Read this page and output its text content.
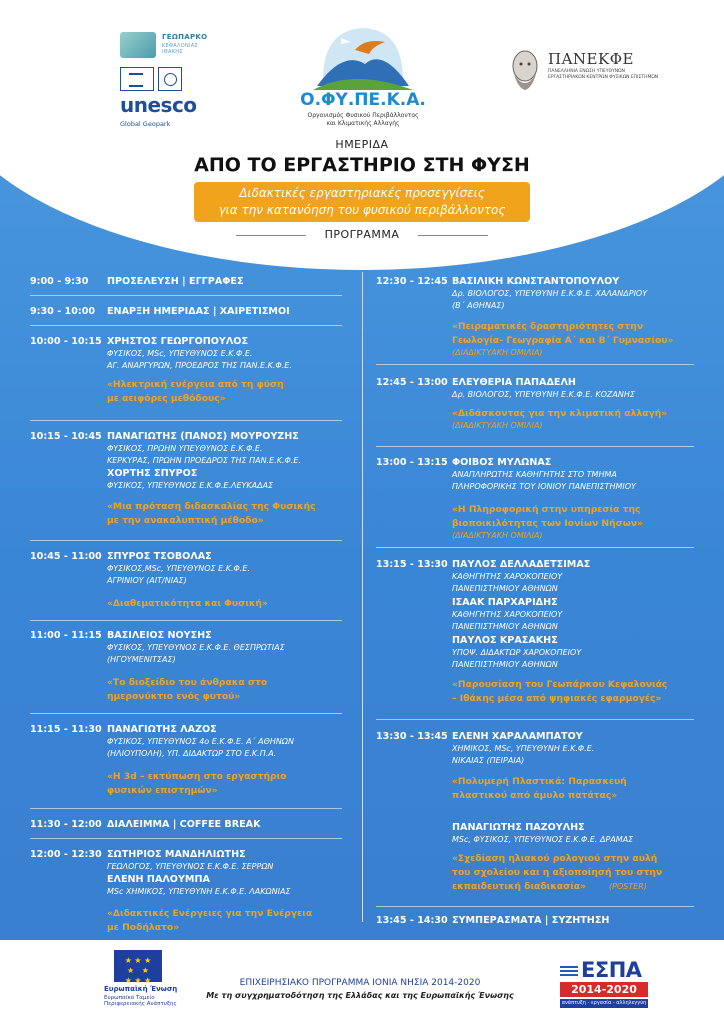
ΓΕΩΠΑΡΚΟ
ΚΕΦΑΛΟΝΙΑΣ ΙΘΑΚΗΣ
unesco
Global Geopark
Ο.ΦΥ.ΠΕ.Κ.Α.
Οργανισμός Φυσικού Περιβάλλοντος
και Κλιματικής Αλλαγής
ΠΑΝΕΚΦΕ
ΠΑΝΕΛΛΗΝΙΑ ΕΝΩΣΗ ΥΠΕΥΘΥΝΩΝ
ΕΡΓΑΣΤΗΡΙΑΚΩΝ ΚΕΝΤΡΩΝ ΦΥΣΙΚΩΝ ΕΠΙΣΤΗΜΩΝ
ΗΜΕΡΙΔΑ
ΑΠΟ ΤΟ ΕΡΓΑΣΤΗΡΙΟ ΣΤΗ ΦΥΣΗ
Διδακτικές εργαστηριακές προσεγγίσεις
για την κατανόηση του φυσικού περιβάλλοντος
ΠΡΟΓΡΑΜΜΑ
9:00 - 9:30 ΠΡΟΣΕΛΕΥΣΗ | ΕΓΓΡΑΦΕΣ
9:30 - 10:00 ΕΝΑΡΞΗ ΗΜΕΡΙΔΑΣ | ΧΑΙΡΕΤΙΣΜΟΙ
10:00 - 10:15 ΧΡΗΣΤΟΣ ΓΕΩΡΓΟΠΟΥΛΟΣ
ΦΥΣΙΚΟΣ, MSc, ΥΠΕΥΘΥΝΟΣ Ε.Κ.Φ.Ε.
ΑΓ. ΑΝΑΡΓΥΡΩΝ, ΠΡΟΕΔΡΟΣ ΤΗΣ ΠΑΝ.Ε.Κ.Φ.Ε.
«Ηλεκτρική ενέργεια από τη φύση
με αειφόρες μεθόδους»
10:15 - 10:45 ΠΑΝΑΓΙΩΤΗΣ (ΠΑΝΟΣ) ΜΟΥΡΟΥΖΗΣ
ΦΥΣΙΚΟΣ, ΠΡΩΗΝ ΥΠΕΥΘΥΝΟΣ Ε.Κ.Φ.Ε.
ΚΕΡΚΥΡΑΣ, ΠΡΩΗΝ ΠΡΟΕΔΡΟΣ ΤΗΣ ΠΑΝ.Ε.Κ.Φ.Ε.
ΧΟΡΤΗΣ ΣΠΥΡΟΣ
ΦΥΣΙΚΟΣ, ΥΠΕΥΘΥΝΟΣ Ε.Κ.Φ.Ε.ΛΕΥΚΑΔΑΣ
«Μια πρόταση διδασκαλίας της Φυσικής
με την ανακαλυπτική μέθοδο»
10:45 - 11:00 ΣΠΥΡΟΣ ΤΣΟΒΟΛΑΣ
ΦΥΣΙΚΟΣ,MSc, ΥΠΕΥΘΥΝΟΣ Ε.Κ.Φ.Ε.
ΑΓΡΙΝΙΟΥ (ΑΙΤ/ΝΙΑΣ)
«Διαθεματικότητα και Φυσική»
11:00 - 11:15 ΒΑΣΙΛΕΙΟΣ ΝΟΥΣΗΣ
ΦΥΣΙΚΟΣ, ΥΠΕΥΘΥΝΟΣ Ε.Κ.Φ.Ε. ΘΕΣΠΡΩΤΙΑΣ
(ΗΓΟΥΜΕΝΙΤΣΑΣ)
«Το διοξείδιο του άνθρακα στο
ημερονύκτιο ενός φυτού»
11:15 - 11:30 ΠΑΝΑΓΙΩΤΗΣ ΛΑΖΟΣ
ΦΥΣΙΚΟΣ, ΥΠΕΥΘΥΝΟΣ 4ο Ε.Κ.Φ.Ε. Α΄ ΑΘΗΝΩΝ
(ΗΛΙΟΥΠΟΛΗ), ΥΠ. ΔΙΔΑΚΤΩΡ ΣΤΟ Ε.Κ.Π.Α.
«Η 3d – εκτύπωση στο εργαστήριο
φυσικών επιστημών»
11:30 - 12:00 ΔΙΑΛΕΙΜΜΑ | COFFEE BREAK
12:00 - 12:30 ΣΩΤΗΡΙΟΣ ΜΑΝΔΗΛΙΩΤΗΣ
ΓΕΩΛΟΓΟΣ, ΥΠΕΥΘΥΝΟΣ Ε.Κ.Φ.Ε. ΣΕΡΡΩΝ
ΕΛΕΝΗ ΠΑΛΟΥΜΠΑ
MSc ΧΗΜΙΚΟΣ, ΥΠΕΥΘΥΝΗ Ε.Κ.Φ.Ε. ΛΑΚΩΝΙΑΣ
«Διδακτικές Ενέργειες για την Ενέργεια
με Ποδήλατο»
12:30 - 12:45 ΒΑΣΙΛΙΚΗ ΚΩΝΣΤΑΝΤΟΠΟΥΛΟΥ
Δρ. ΒΙΟΛΟΓΟΣ, ΥΠΕΥΘΥΝΗ Ε.Κ.Φ.Ε. ΧΑΛΑΝΔΡΙΟΥ
(Β΄ ΑΘΗΝΑΣ)
«Πειραματικές δραστηριότητες στην
Γεωλογία- Γεωγραφία Α΄ και Β΄ Γυμνασίου»
(ΔΙΑΔΙΚΤΥΑΚΗ ΟΜΙΛΙΑ)
12:45 - 13:00 ΕΛΕΥΘΕΡΙΑ ΠΑΠΑΔΕΛΗ
Δρ. ΒΙΟΛΟΓΟΣ, ΥΠΕΥΘΥΝΗ Ε.Κ.Φ.Ε. ΚΟΖΑΝΗΣ
«Διδάσκοντας για την κλιματική αλλαγή»
(ΔΙΑΔΙΚΤΥΑΚΗ ΟΜΙΛΙΑ)
13:00 - 13:15 ΦΟΙΒΟΣ ΜΥΛΩΝΑΣ
ΑΝΑΠΛΗΡΩΤΗΣ ΚΑΘΗΓΗΤΗΣ ΣΤΟ ΤΜΗΜΑ
ΠΛΗΡΟΦΟΡΙΚΗΣ ΤΟΥ ΙΟΝΙΟΥ ΠΑΝΕΠΙΣΤΗΜΙΟΥ
«Η Πληροφορική στην υπηρεσία της
βιοποικιλότητας των Ιονίων Νήσων»
(ΔΙΑΔΙΚΤΥΑΚΗ ΟΜΙΛΙΑ)
13:15 - 13:30 ΠΑΥΛΟΣ ΔΕΛΛΑΔΕΤΣΙΜΑΣ
ΚΑΘΗΓΗΤΗΣ ΧΑΡΟΚΟΠΕΙΟΥ
ΠΑΝΕΠΙΣΤΗΜΙΟΥ ΑΘΗΝΩΝ
ΙΣΑΑΚ ΠΑΡΧΑΡΙΔΗΣ
ΚΑΘΗΓΗΤΗΣ ΧΑΡΟΚΟΠΕΙΟΥ
ΠΑΝΕΠΙΣΤΗΜΙΟΥ ΑΘΗΝΩΝ
ΠΑΥΛΟΣ ΚΡΑΣΑΚΗΣ
ΥΠΟΨ. ΔΙΔΑΚΤΩΡ ΧΑΡΟΚΟΠΕΙΟΥ
ΠΑΝΕΠΙΣΤΗΜΙΟΥ ΑΘΗΝΩΝ
«Παρουσίαση του Γεωπάρκου Κεφαλονιάς
– Ιθάκης μέσα από ψηφιακές εφαρμογές»
13:30 - 13:45 ΕΛΕΝΗ ΧΑΡΑΛΑΜΠΑΤΟΥ
ΧΗΜΙΚΟΣ, MSc, ΥΠΕΥΘΥΝΗ Ε.Κ.Φ.Ε.
ΝΙΚΑΙΑΣ (ΠΕΙΡΑΙΑ)
«Πολυμερή Πλαστικά: Παρασκευή
πλαστικού από άμυλο πατάτας»
ΠΑΝΑΓΙΩΤΗΣ ΠΑΖΟΥΛΗΣ
MSc, ΦΥΣΙΚΟΣ, ΥΠΕΥΘΥΝΟΣ Ε.Κ.Φ.Ε. ΔΡΑΜΑΣ
«Σχεδίαση ηλιακού ρολογιού στην αυλή
του σχολείου και η αξιοποίησή του στην
εκπαιδευτική διαδικασία»	(POSTER)
13:45 - 14:30 ΣΥΜΠΕΡΑΣΜΑΤΑ | ΣΥΖΗΤΗΣΗ
★ ★ ★
★   ★
★ ★ ★
Ευρωπαϊκή Ένωση
Ευρωπαϊκό Ταμείο
Περιφερειακής Ανάπτυξης
ΕΠΙΧΕΙΡΗΣΙΑΚΟ ΠΡΟΓΡΑΜΜΑ ΙΟΝΙΑ ΝΗΣΙΑ 2014-2020
Με τη συγχρηματοδότηση της Ελλάδας και της Ευρωπαϊκής Ένωσης
ΕΣΠΑ
2014-2020
ανάπτυξη - εργασία - αλληλεγγύη
